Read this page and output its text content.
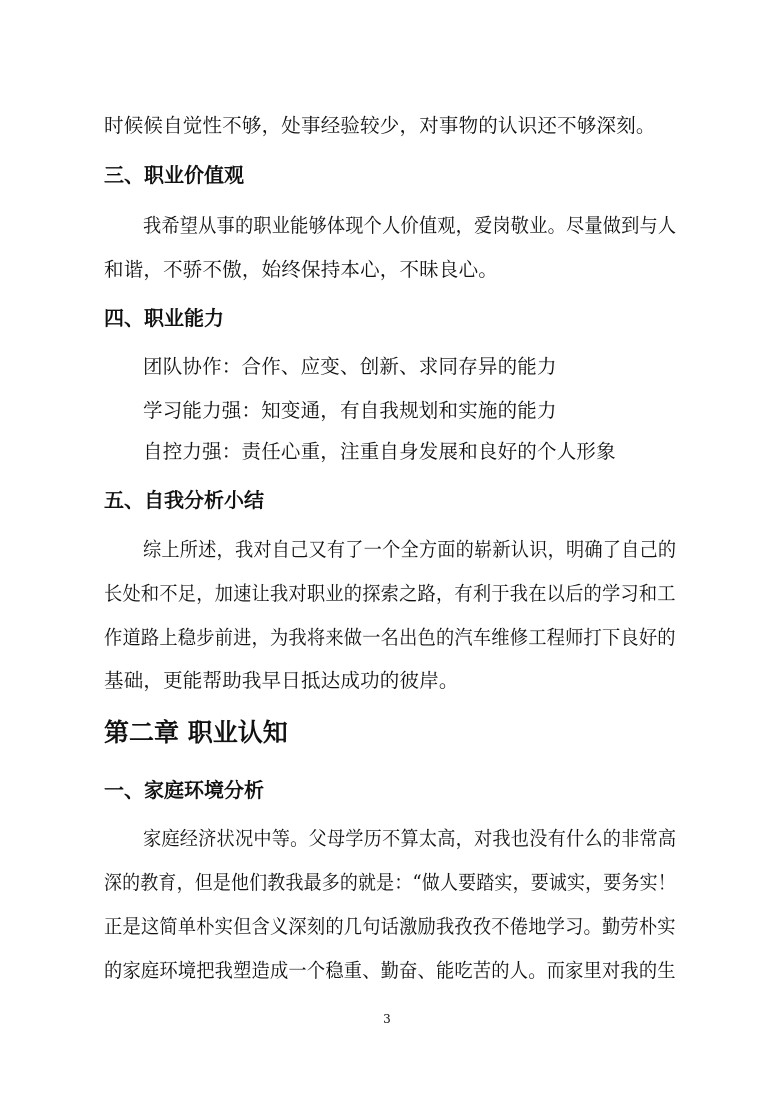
时候候自觉性不够，处事经验较少，对事物的认识还不够深刻。
三、职业价值观
我希望从事的职业能够体现个人价值观，爱岗敬业。尽量做到与人
和谐，不骄不傲，始终保持本心，不昧良心。
四、职业能力
团队协作：合作、应变、创新、求同存异的能力
学习能力强：知变通，有自我规划和实施的能力
自控力强：责任心重，注重自身发展和良好的个人形象
五、自我分析小结
综上所述，我对自己又有了一个全方面的崭新认识，明确了自己的
长处和不足，加速让我对职业的探索之路，有利于我在以后的学习和工
作道路上稳步前进，为我将来做一名出色的汽车维修工程师打下良好的
基础，更能帮助我早日抵达成功的彼岸。
第二章 职业认知
一、家庭环境分析
家庭经济状况中等。父母学历不算太高，对我也没有什么的非常高
深的教育，但是他们教我最多的就是：“做人要踏实，要诚实，要务实！
正是这简单朴实但含义深刻的几句话激励我孜孜不倦地学习。勤劳朴实
的家庭环境把我塑造成一个稳重、勤奋、能吃苦的人。而家里对我的生
3
